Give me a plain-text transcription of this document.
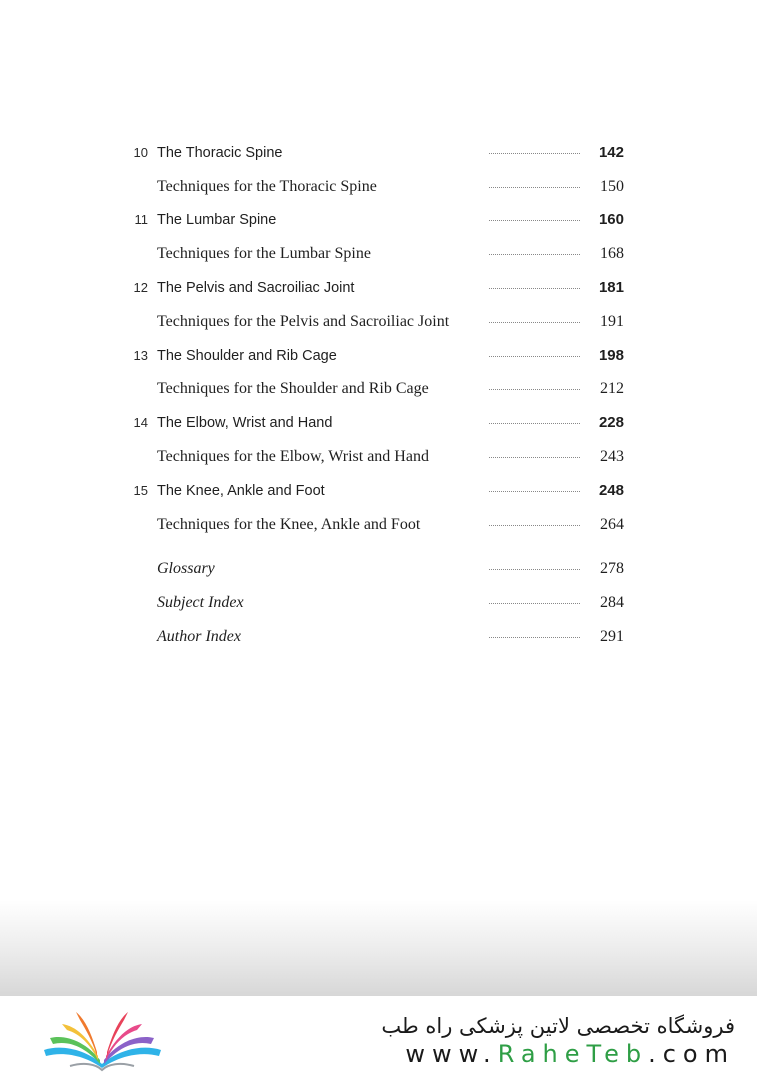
10 The Thoracic Spine	142
Techniques for the Thoracic Spine	150
11 The Lumbar Spine	160
Techniques for the Lumbar Spine	168
12 The Pelvis and Sacroiliac Joint	181
Techniques for the Pelvis and Sacroiliac Joint	191
13 The Shoulder and Rib Cage	198
Techniques for the Shoulder and Rib Cage	212
14 The Elbow, Wrist and Hand	228
Techniques for the Elbow, Wrist and Hand	243
15 The Knee, Ankle and Foot	248
Techniques for the Knee, Ankle and Foot	264
Glossary	278
Subject Index	284
Author Index	291
فروشگاه تخصصی لاتین پزشکی راه طب
www.RaheTeb.com
